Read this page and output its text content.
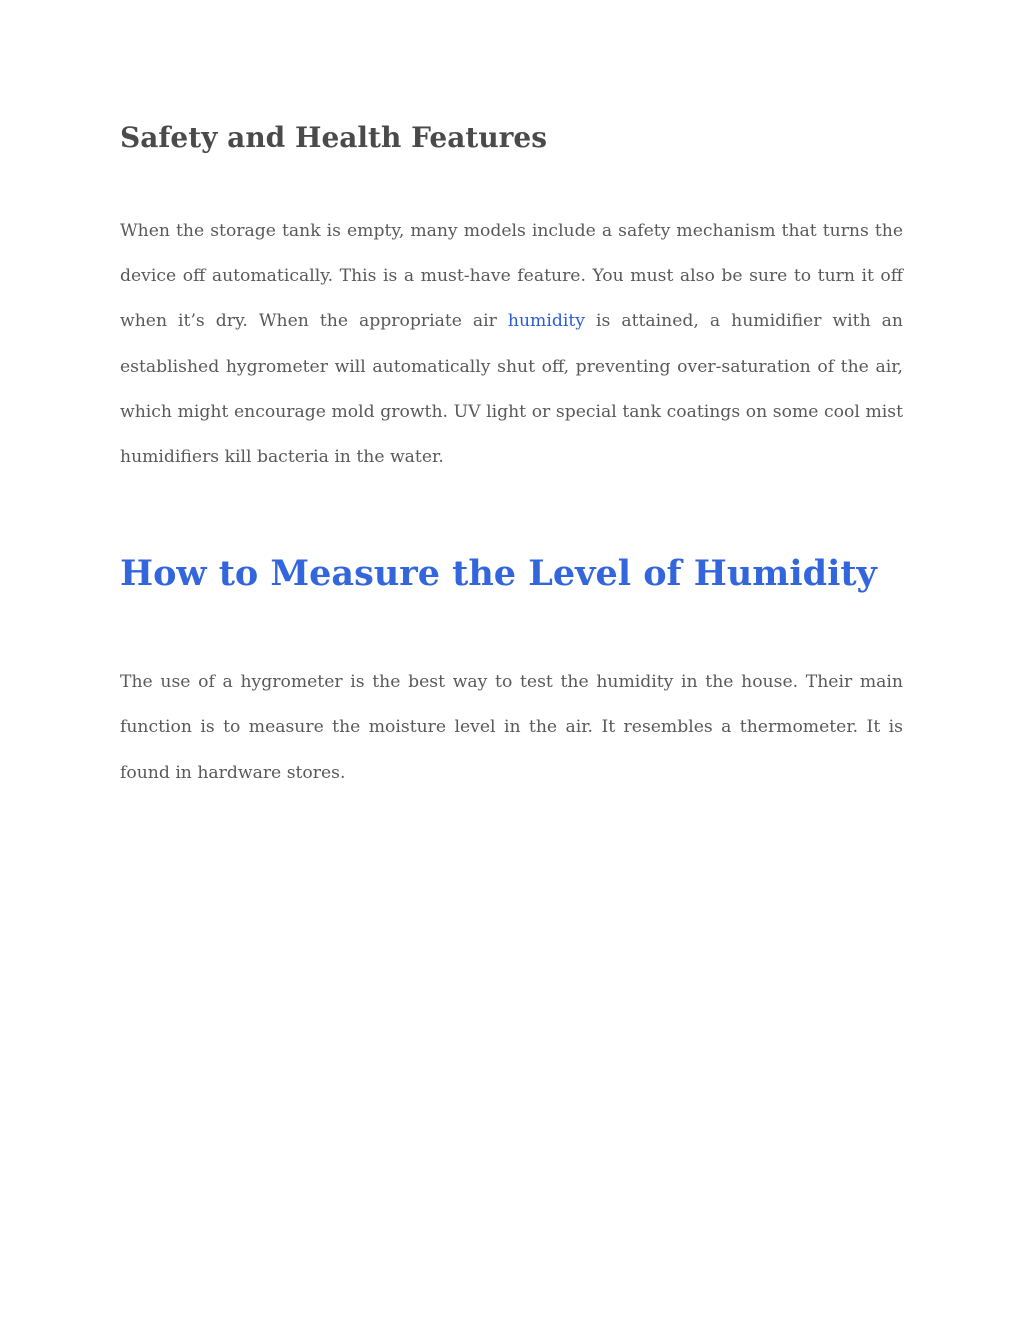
Safety and Health Features

When the storage tank is empty, many models include a safety mechanism that turns the device off automatically. This is a must-have feature. You must also be sure to turn it off when it’s dry. When the appropriate air humidity is attained, a humidifier with an established hygrometer will automatically shut off, preventing over-saturation of the air, which might encourage mold growth. UV light or special tank coatings on some cool mist humidifiers kill bacteria in the water.

How to Measure the Level of Humidity

The use of a hygrometer is the best way to test the humidity in the house. Their main function is to measure the moisture level in the air. It resembles a thermometer. It is found in hardware stores.
